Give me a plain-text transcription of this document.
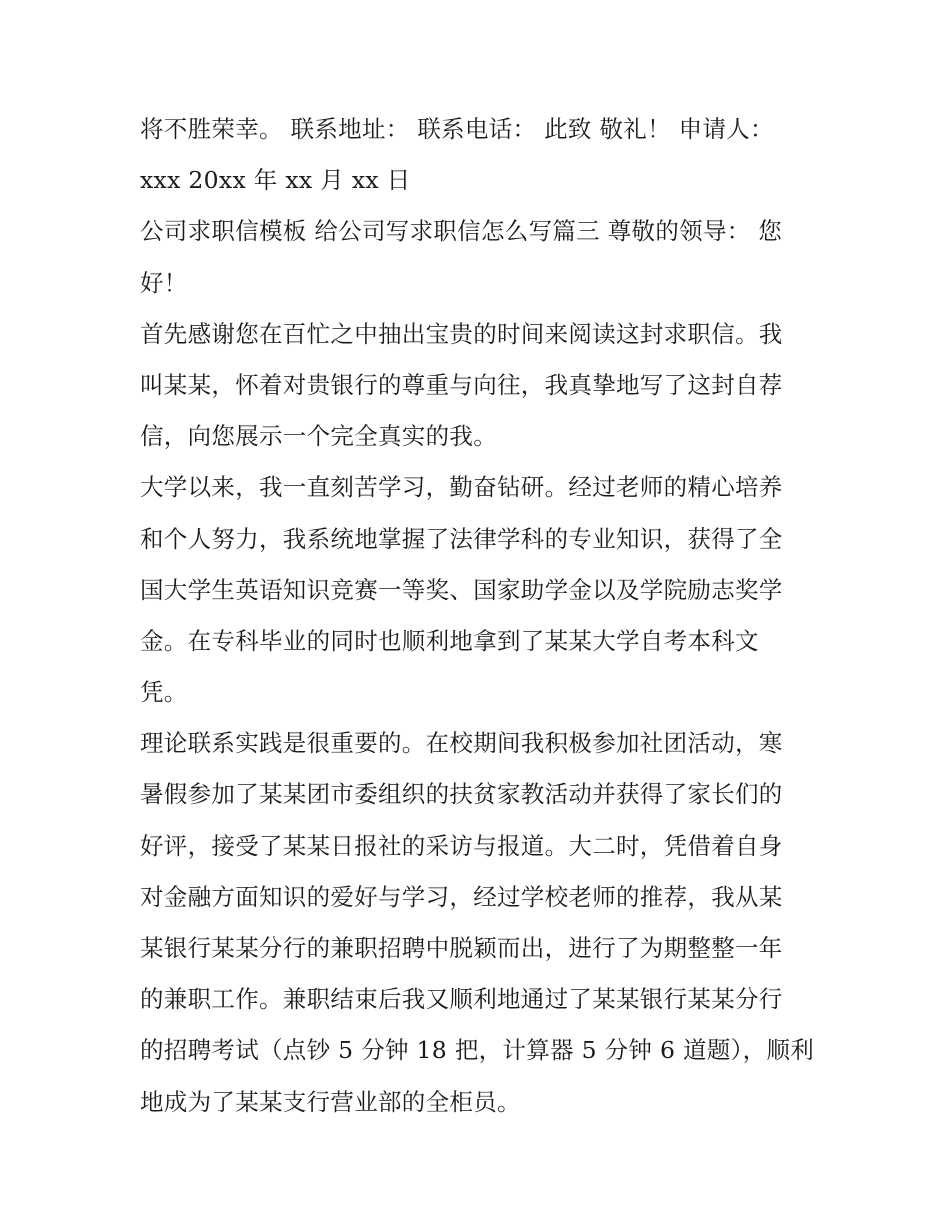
将不胜荣幸。 联系地址： 联系电话： 此致 敬礼！ 申请人：
xxx 20xx 年 xx 月 xx 日
公司求职信模板 给公司写求职信怎么写篇三 尊敬的领导： 您
好！
首先感谢您在百忙之中抽出宝贵的时间来阅读这封求职信。我
叫某某，怀着对贵银行的尊重与向往，我真挚地写了这封自荐
信，向您展示一个完全真实的我。
大学以来，我一直刻苦学习，勤奋钻研。经过老师的精心培养
和个人努力，我系统地掌握了法律学科的专业知识，获得了全
国大学生英语知识竞赛一等奖、国家助学金以及学院励志奖学
金。在专科毕业的同时也顺利地拿到了某某大学自考本科文
凭。
理论联系实践是很重要的。在校期间我积极参加社团活动，寒
暑假参加了某某团市委组织的扶贫家教活动并获得了家长们的
好评，接受了某某日报社的采访与报道。大二时，凭借着自身
对金融方面知识的爱好与学习，经过学校老师的推荐，我从某
某银行某某分行的兼职招聘中脱颖而出，进行了为期整整一年
的兼职工作。兼职结束后我又顺利地通过了某某银行某某分行
的招聘考试（点钞 5 分钟 18 把，计算器 5 分钟 6 道题），顺利
地成为了某某支行营业部的全柜员。
